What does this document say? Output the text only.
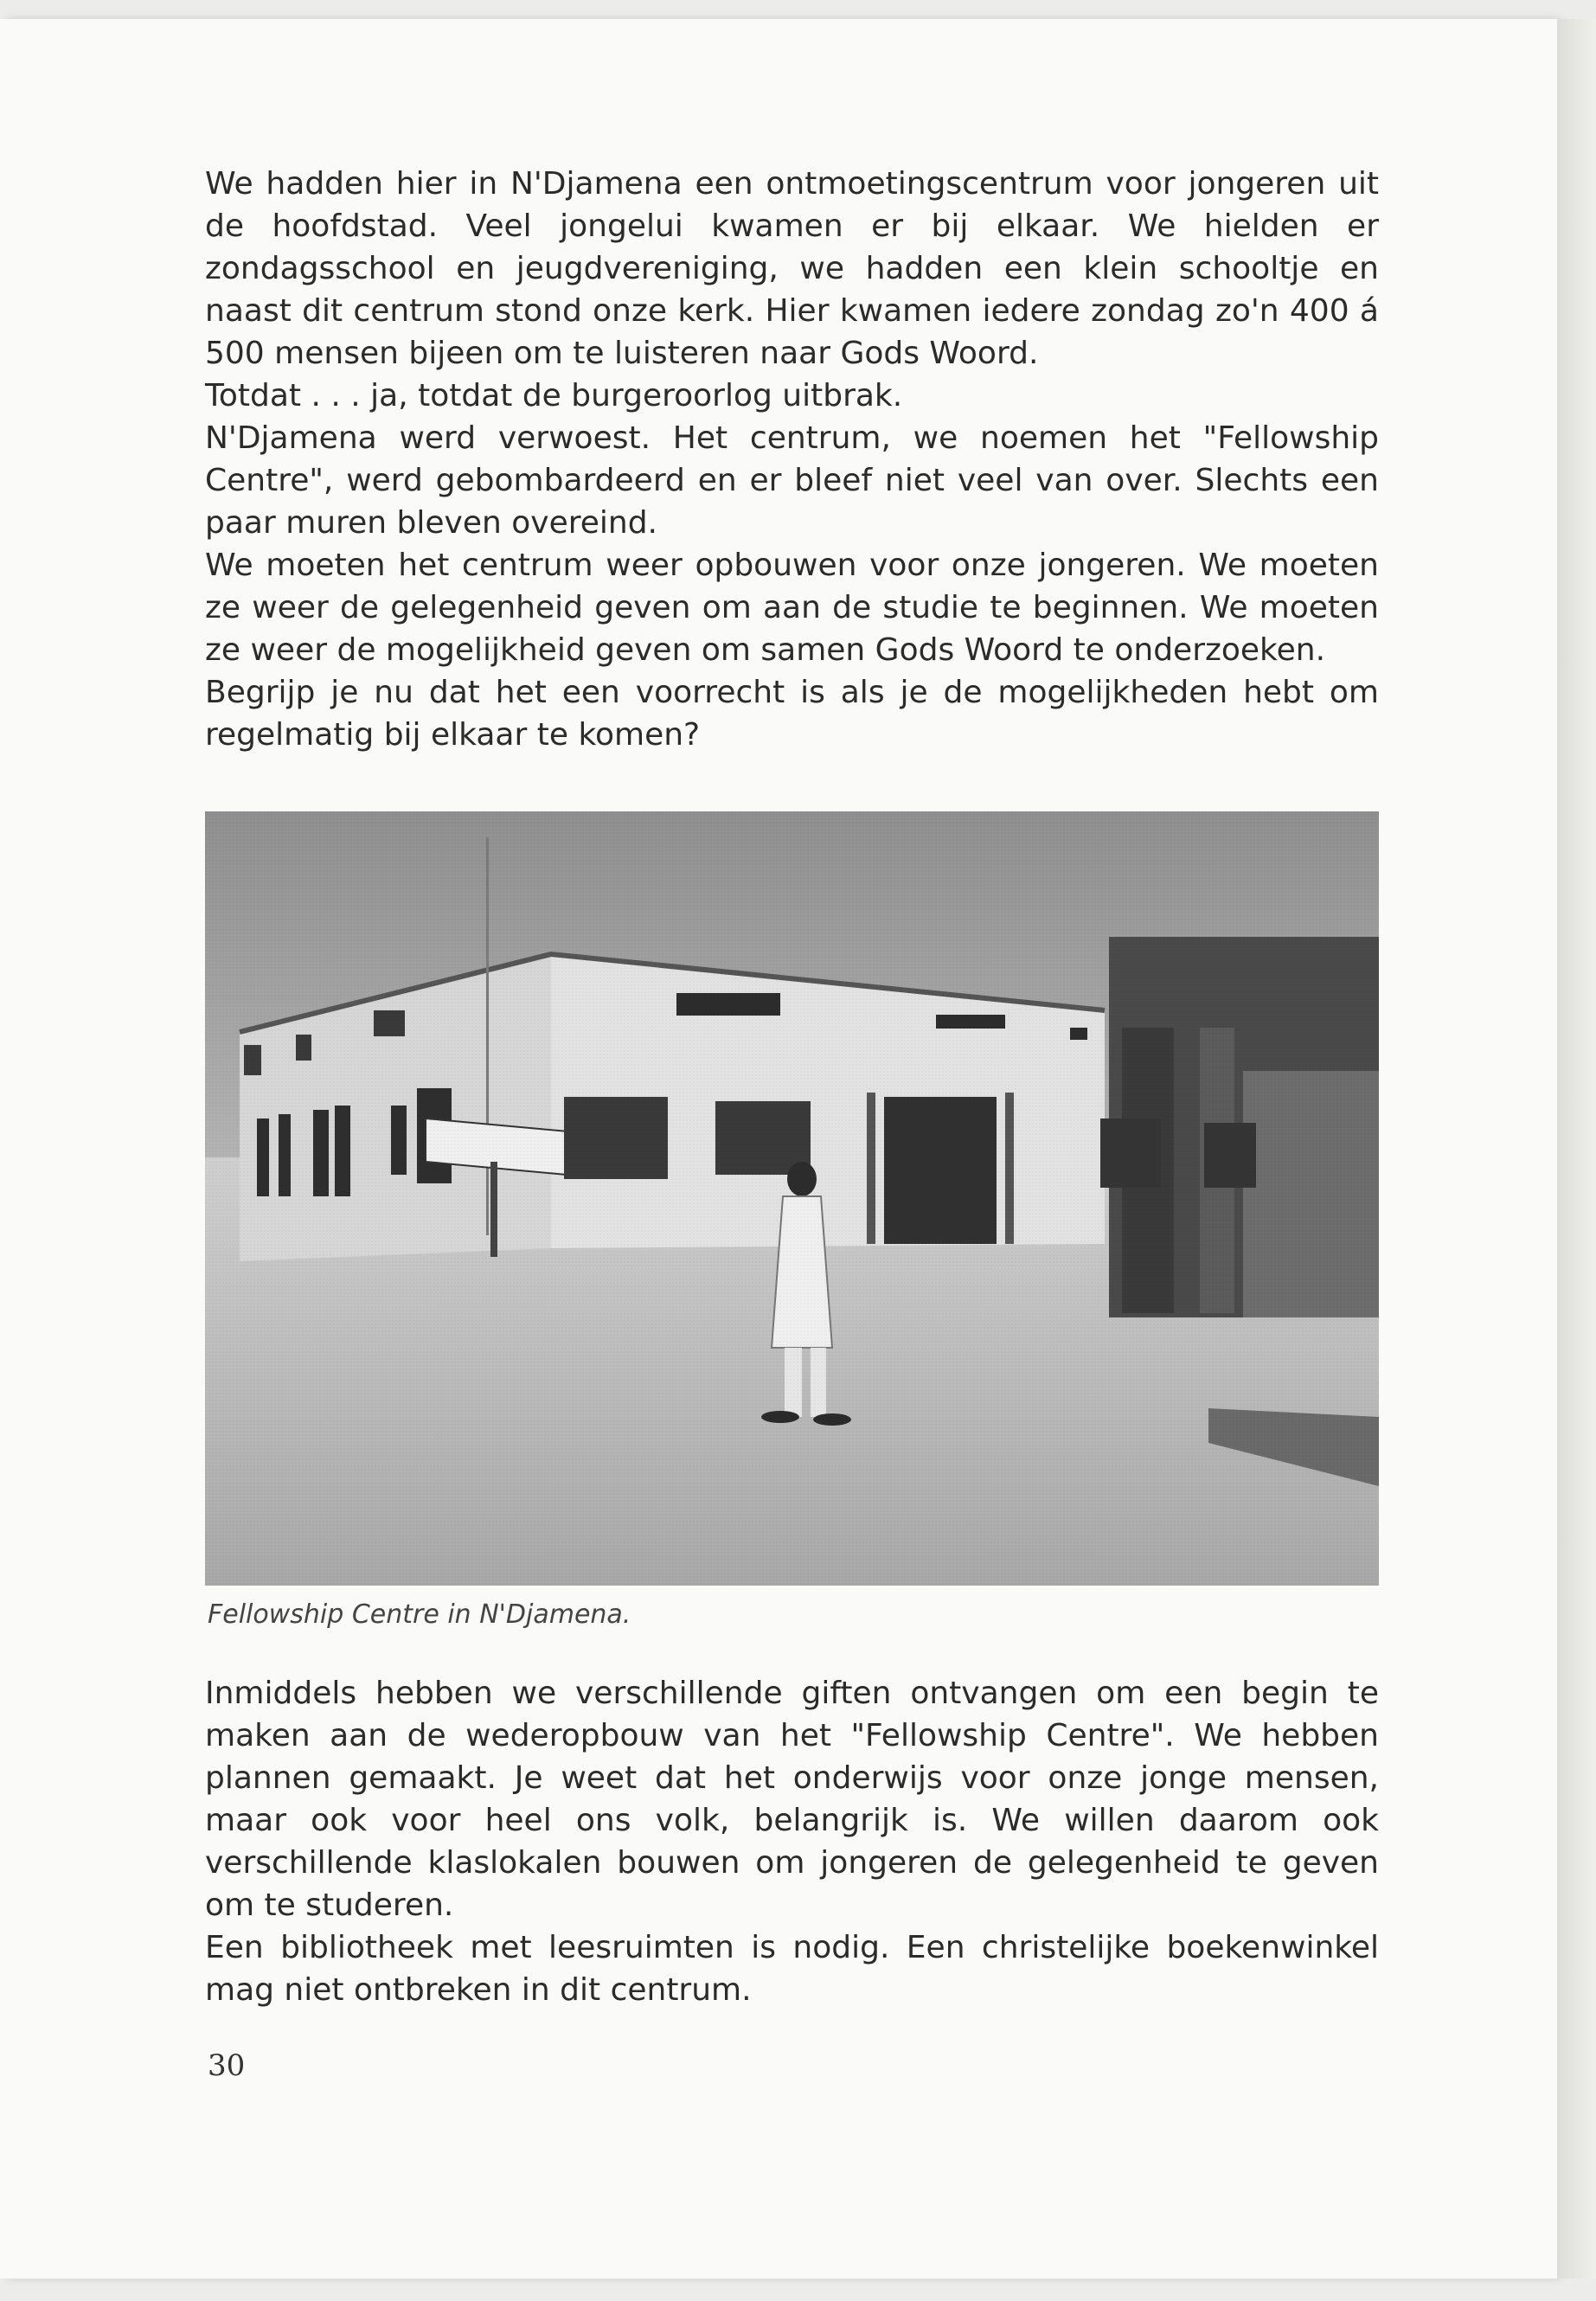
We hadden hier in N'Djamena een ontmoetingscentrum voor jongeren uit de hoofdstad. Veel jongelui kwamen er bij elkaar. We hielden er zondagsschool en jeugdvereniging, we hadden een klein schooltje en naast dit centrum stond onze kerk. Hier kwamen iedere zondag zo'n 400 á 500 mensen bijeen om te luisteren naar Gods Woord.

Totdat . . . ja, totdat de burgeroorlog uitbrak.

N'Djamena werd verwoest. Het centrum, we noemen het "Fellowship Centre", werd gebombardeerd en er bleef niet veel van over. Slechts een paar muren bleven overeind.

We moeten het centrum weer opbouwen voor onze jongeren. We moeten ze weer de gelegenheid geven om aan de studie te beginnen. We moeten ze weer de mogelijkheid geven om samen Gods Woord te onderzoeken.

Begrijp je nu dat het een voorrecht is als je de mogelijkheden hebt om regelmatig bij elkaar te komen?

Fellowship Centre in N'Djamena.

Inmiddels hebben we verschillende giften ontvangen om een begin te maken aan de wederopbouw van het "Fellowship Centre". We hebben plannen gemaakt. Je weet dat het onderwijs voor onze jonge mensen, maar ook voor heel ons volk, belangrijk is. We willen daarom ook verschillende klaslokalen bouwen om jongeren de gelegenheid te geven om te studeren.

Een bibliotheek met leesruimten is nodig. Een christelijke boekenwinkel mag niet ontbreken in dit centrum.

30
